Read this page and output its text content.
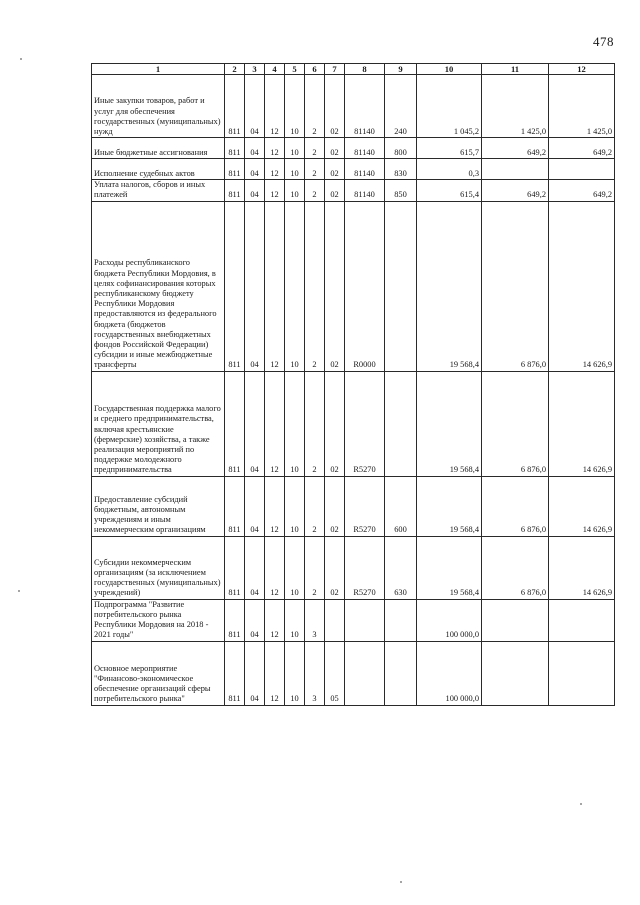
478
1	2	3	4	5	6	7	8	9	10	11	12
Иные закупки товаров, работ и услуг для обеспечения государственных (муниципальных) нужд	811	04	12	10	2	02	81140	240	1 045,2	1 425,0	1 425,0
Иные бюджетные ассигнования	811	04	12	10	2	02	81140	800	615,7	649,2	649,2
Исполнение судебных актов	811	04	12	10	2	02	81140	830	0,3		
Уплата налогов, сборов и иных платежей	811	04	12	10	2	02	81140	850	615,4	649,2	649,2
Расходы республиканского бюджета Республики Мордовия, в целях софинансирования которых республиканскому бюджету Республики Мордовия предоставляются из федерального бюджета (бюджетов государственных внебюджетных фондов Российской Федерации) субсидии и иные межбюджетные трансферты	811	04	12	10	2	02	R0000		19 568,4	6 876,0	14 626,9
Государственная поддержка малого и среднего предпринимательства, включая крестьянские (фермерские) хозяйства, а также реализация мероприятий по поддержке молодежного предпринимательства	811	04	12	10	2	02	R5270		19 568,4	6 876,0	14 626,9
Предоставление субсидий бюджетным, автономным учреждениям и иным некоммерческим организациям	811	04	12	10	2	02	R5270	600	19 568,4	6 876,0	14 626,9
Субсидии некоммерческим организациям (за исключением государственных (муниципальных) учреждений)	811	04	12	10	2	02	R5270	630	19 568,4	6 876,0	14 626,9
Подпрограмма "Развитие потребительского рынка Республики Мордовия на 2018 - 2021 годы"	811	04	12	10	3				100 000,0		
Основное мероприятие "Финансово-экономическое обеспечение организаций сферы потребительского рынка"	811	04	12	10	3	05			100 000,0		
